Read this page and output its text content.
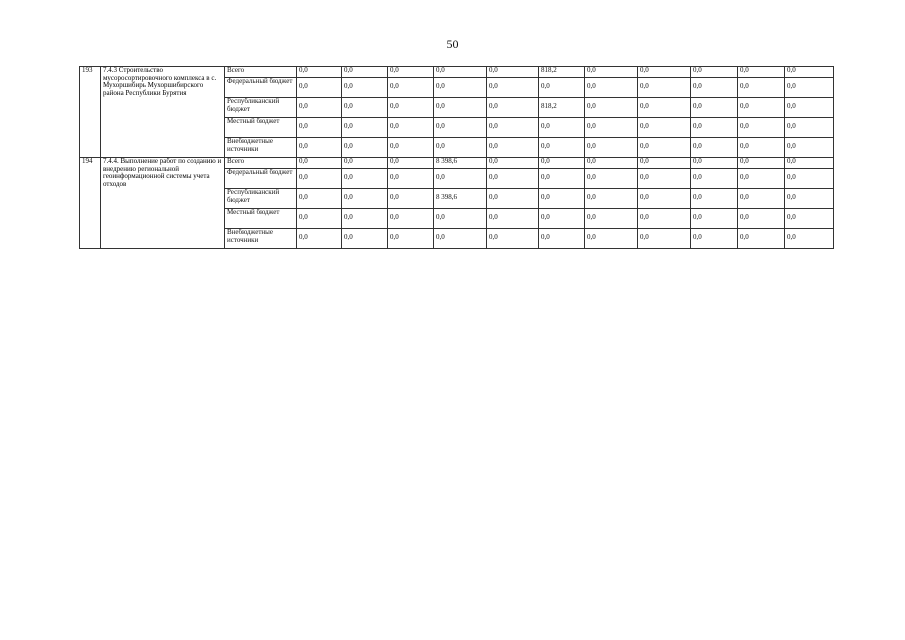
50
193	7.4.3 Строительство мусоросортировочного комплекса в с. Мухоршибирь Мухоршибирского района Республики Бурятия	Всего	0,0	0,0	0,0	0,0	0,0	818,2	0,0	0,0	0,0	0,0	0,0

		Федеральный бюджет	0,0	0,0	0,0	0,0	0,0	0,0	0,0	0,0	0,0	0,0	0,0

		Республиканский бюджет	0,0	0,0	0,0	0,0	0,0	818,2	0,0	0,0	0,0	0,0	0,0

		Местный бюджет	0,0	0,0	0,0	0,0	0,0	0,0	0,0	0,0	0,0	0,0	0,0

		Внебюджетные источники	0,0	0,0	0,0	0,0	0,0	0,0	0,0	0,0	0,0	0,0	0,0

194	7.4.4. Выполнение работ по созданию и внедрению региональной геоинформационной системы учета отходов	Всего	0,0	0,0	0,0	8 398,6	0,0	0,0	0,0	0,0	0,0	0,0	0,0

		Федеральный бюджет	0,0	0,0	0,0	0,0	0,0	0,0	0,0	0,0	0,0	0,0	0,0

		Республиканский бюджет	0,0	0,0	0,0	8 398,6	0,0	0,0	0,0	0,0	0,0	0,0	0,0

		Местный бюджет	0,0	0,0	0,0	0,0	0,0	0,0	0,0	0,0	0,0	0,0	0,0

		Внебюджетные источники	0,0	0,0	0,0	0,0	0,0	0,0	0,0	0,0	0,0	0,0	0,0
